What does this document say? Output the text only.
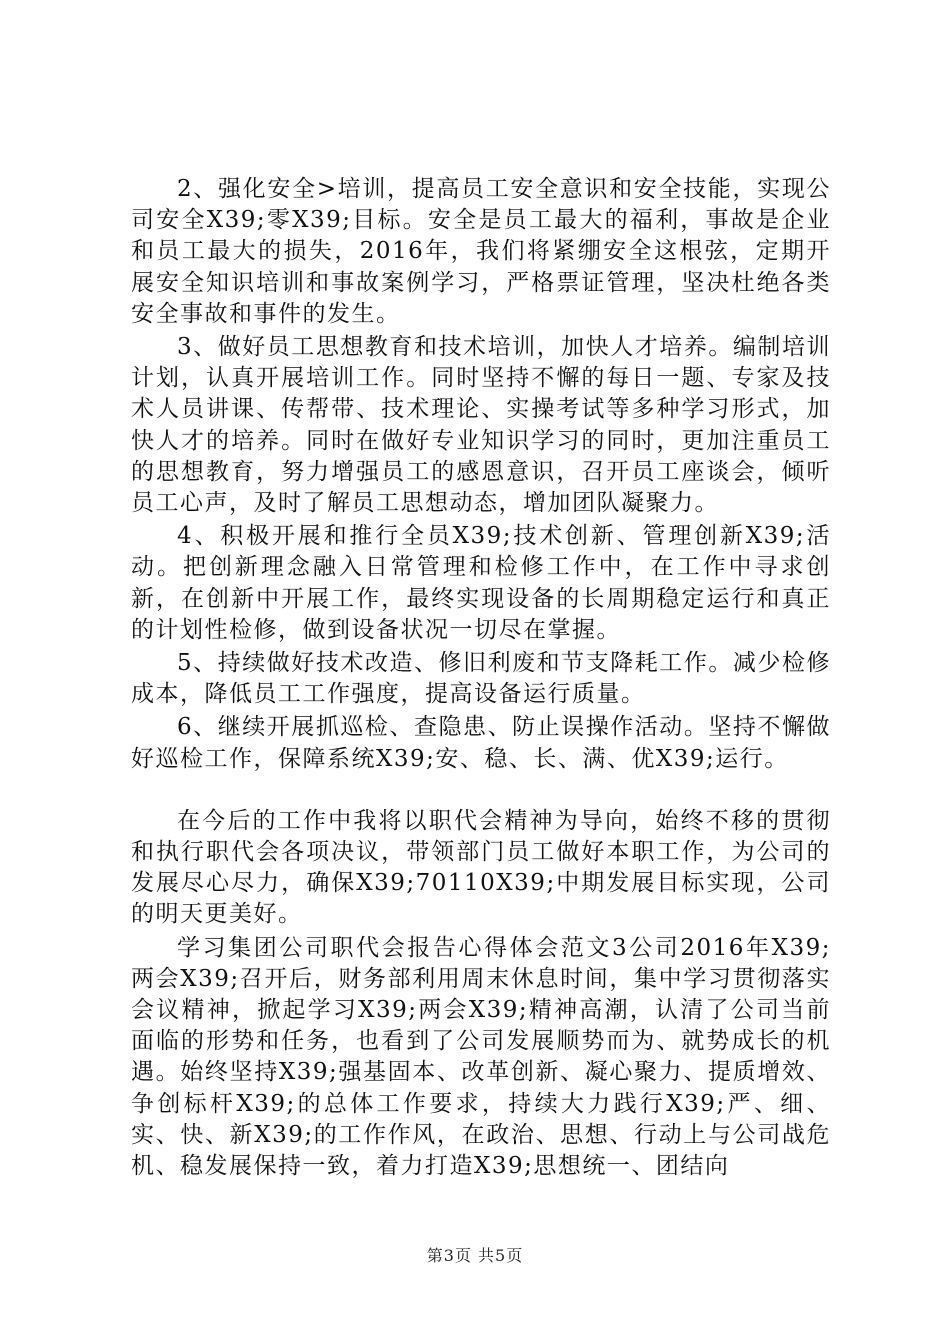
2、强化安全>培训，提高员工安全意识和安全技能，实现公司安全X39;零X39;目标。安全是员工最大的福利，事故是企业和员工最大的损失，2016年，我们将紧绷安全这根弦，定期开展安全知识培训和事故案例学习，严格票证管理，坚决杜绝各类安全事故和事件的发生。

3、做好员工思想教育和技术培训，加快人才培养。编制培训计划，认真开展培训工作。同时坚持不懈的每日一题、专家及技术人员讲课、传帮带、技术理论、实操考试等多种学习形式，加快人才的培养。同时在做好专业知识学习的同时，更加注重员工的思想教育，努力增强员工的感恩意识，召开员工座谈会，倾听员工心声，及时了解员工思想动态，增加团队凝聚力。

4、积极开展和推行全员X39;技术创新、管理创新X39;活动。把创新理念融入日常管理和检修工作中，在工作中寻求创新，在创新中开展工作，最终实现设备的长周期稳定运行和真正的计划性检修，做到设备状况一切尽在掌握。

5、持续做好技术改造、修旧利废和节支降耗工作。减少检修成本，降低员工工作强度，提高设备运行质量。

6、继续开展抓巡检、查隐患、防止误操作活动。坚持不懈做好巡检工作，保障系统X39;安、稳、长、满、优X39;运行。

在今后的工作中我将以职代会精神为导向，始终不移的贯彻和执行职代会各项决议，带领部门员工做好本职工作，为公司的发展尽心尽力，确保X39;70110X39;中期发展目标实现，公司的明天更美好。

学习集团公司职代会报告心得体会范文3公司2016年X39;两会X39;召开后，财务部利用周末休息时间，集中学习贯彻落实会议精神，掀起学习X39;两会X39;精神高潮，认清了公司当前面临的形势和任务，也看到了公司发展顺势而为、就势成长的机遇。始终坚持X39;强基固本、改革创新、凝心聚力、提质增效、争创标杆X39;的总体工作要求，持续大力践行X39;严、细、实、快、新X39;的工作作风，在政治、思想、行动上与公司战危机、稳发展保持一致，着力打造X39;思想统一、团结向

第3页 共5页
